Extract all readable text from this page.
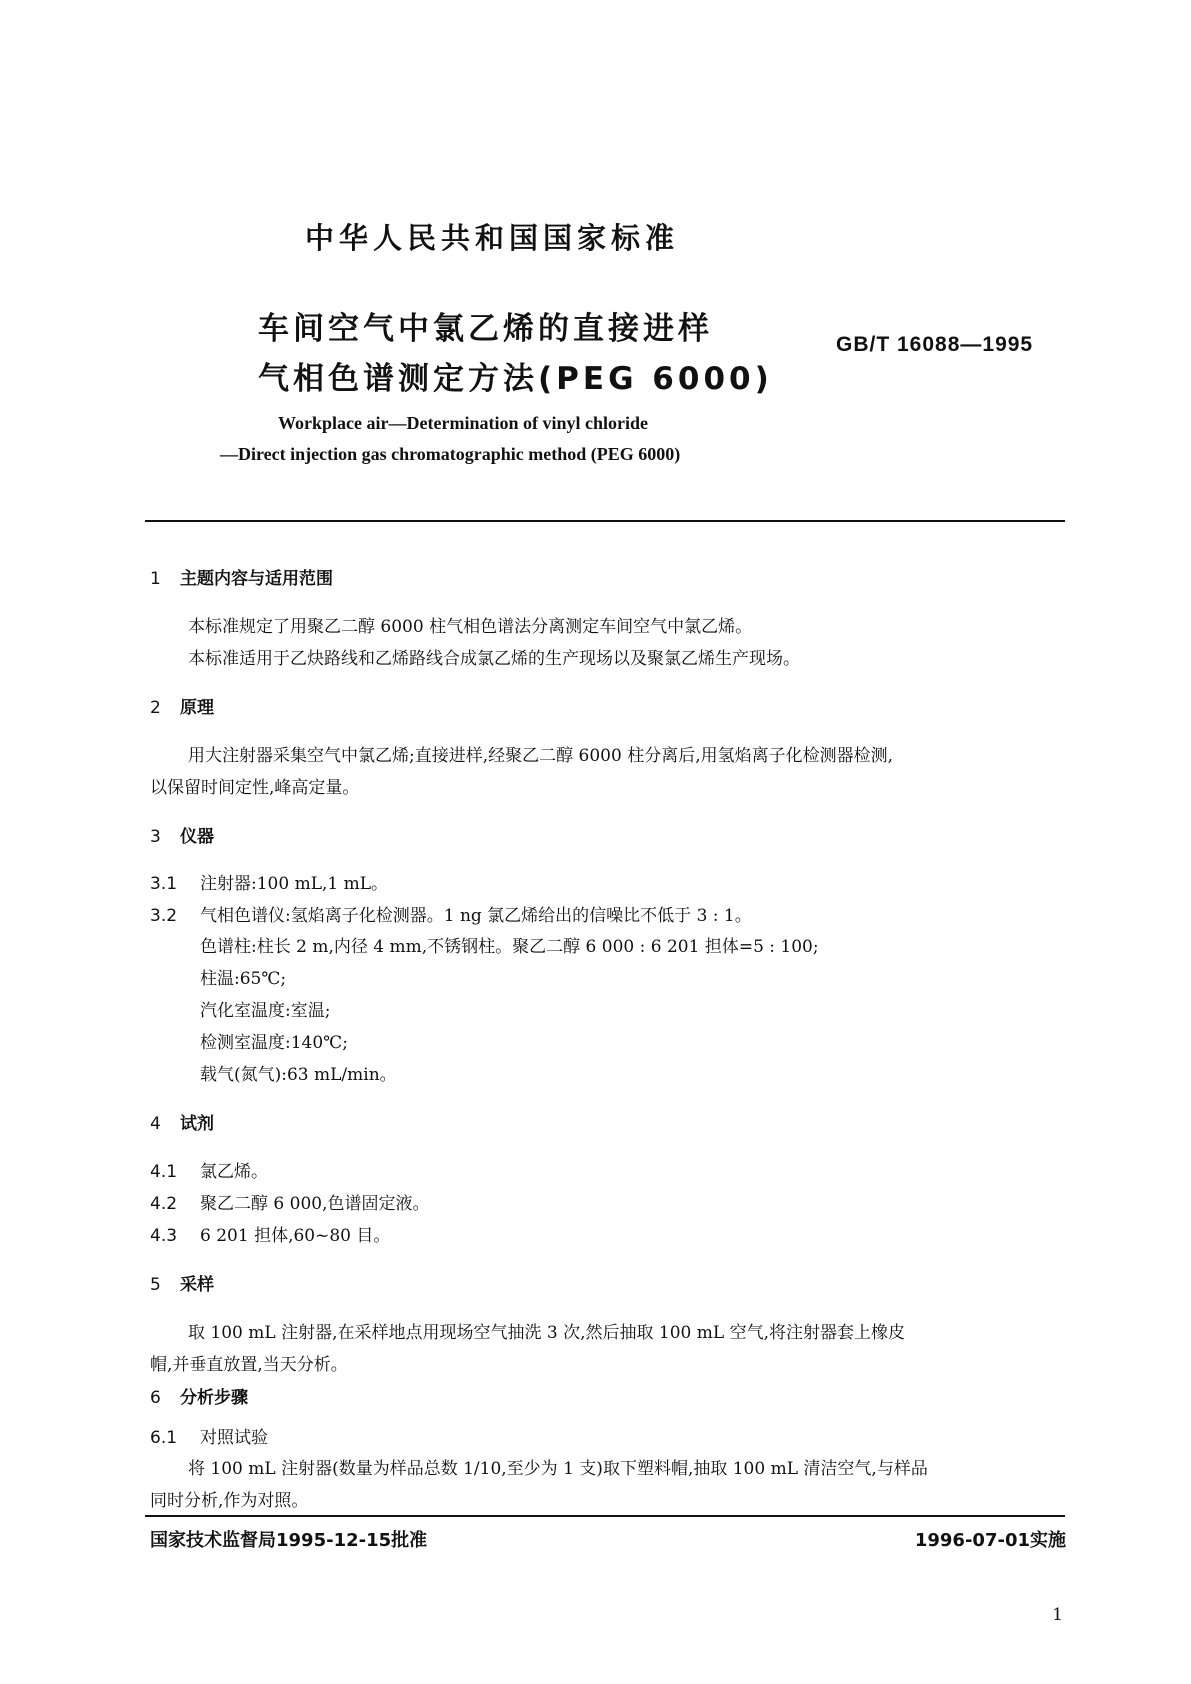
中华人民共和国国家标准
车间空气中氯乙烯的直接进样
气相色谱测定方法(PEG 6000)
GB/T 16088—1995
Workplace air—Determination of vinyl chloride
—Direct injection gas chromatographic method (PEG 6000)
1 主题内容与适用范围
本标准规定了用聚乙二醇 6000 柱气相色谱法分离测定车间空气中氯乙烯。
本标准适用于乙炔路线和乙烯路线合成氯乙烯的生产现场以及聚氯乙烯生产现场。
2 原理
用大注射器采集空气中氯乙烯;直接进样,经聚乙二醇 6000 柱分离后,用氢焰离子化检测器检测,
以保留时间定性,峰高定量。
3 仪器
3.1 注射器:100 mL,1 mL。
3.2 气相色谱仪:氢焰离子化检测器。1 ng 氯乙烯给出的信噪比不低于 3 : 1。
色谱柱:柱长 2 m,内径 4 mm,不锈钢柱。聚乙二醇 6 000 : 6 201 担体=5 : 100;
柱温:65℃;
汽化室温度:室温;
检测室温度:140℃;
载气(氮气):63 mL/min。
4 试剂
4.1 氯乙烯。
4.2 聚乙二醇 6 000,色谱固定液。
4.3 6 201 担体,60~80 目。
5 采样
取 100 mL 注射器,在采样地点用现场空气抽洗 3 次,然后抽取 100 mL 空气,将注射器套上橡皮
帽,并垂直放置,当天分析。
6 分析步骤
6.1 对照试验
将 100 mL 注射器(数量为样品总数 1/10,至少为 1 支)取下塑料帽,抽取 100 mL 清洁空气,与样品
国家技术监督局1995-12-15批准	1996-07-01实施
1
同时分析,作为对照。
